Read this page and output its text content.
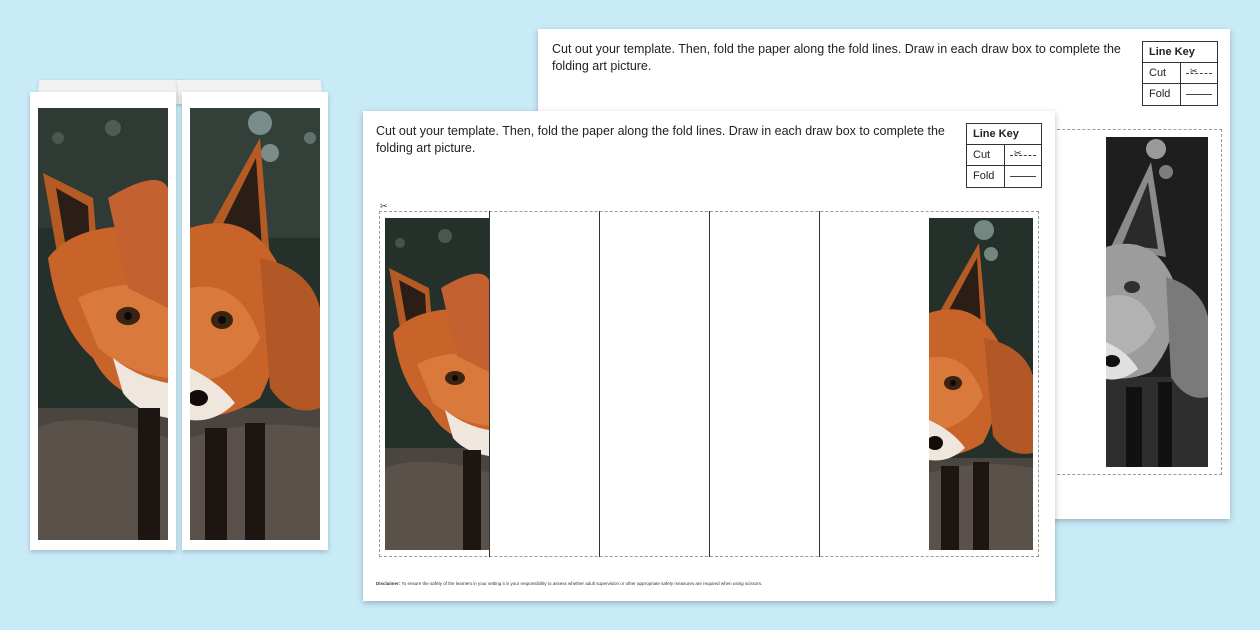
Cut out your template. Then, fold the paper along the fold lines. Draw in each draw box to complete the folding art picture.
Line Key
Cut	✂
Fold
Cut out your template. Then, fold the paper along the fold lines. Draw in each draw box to complete the folding art picture.
Line Key
Cut	✂
Fold
✂
Disclaimer: To ensure the safety of the learners in your setting it is your responsibility to assess whether adult supervision or other appropriate safety measures are required when using scissors.
